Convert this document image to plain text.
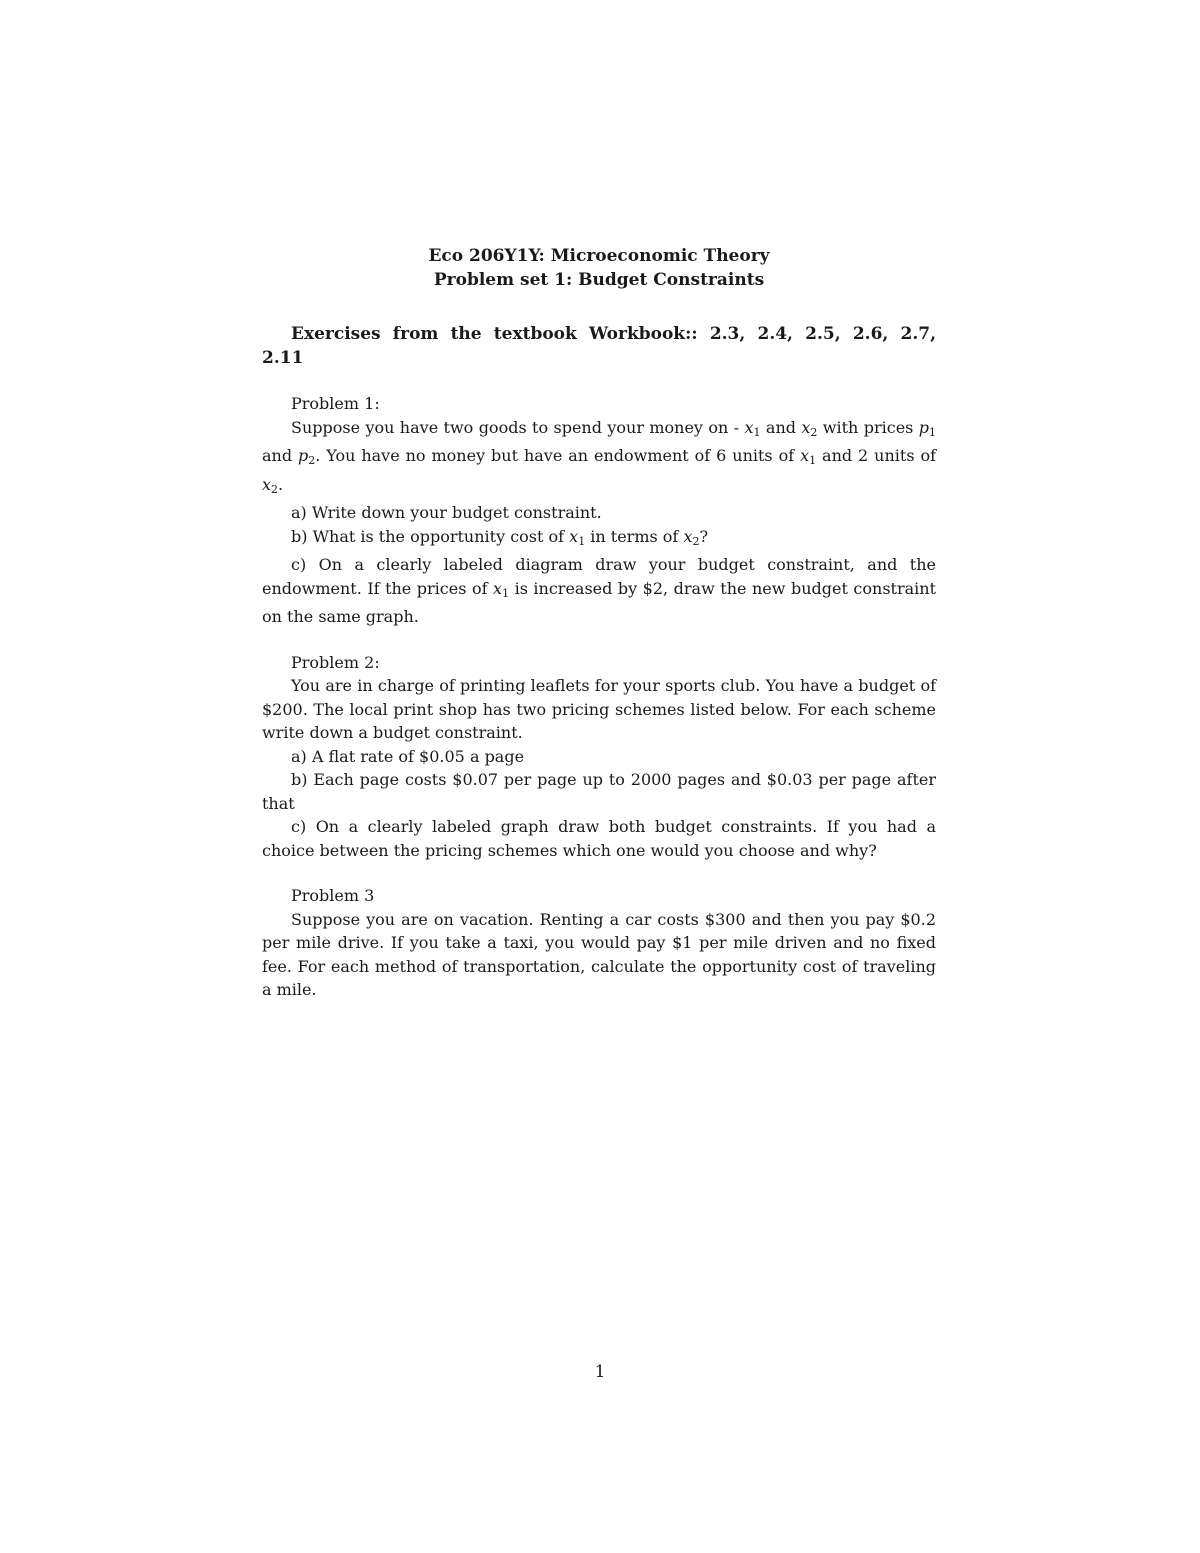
Eco 206Y1Y: Microeconomic Theory
Problem set 1: Budget Constraints
Exercises from the textbook Workbook:: 2.3, 2.4, 2.5, 2.6, 2.7, 2.11
Problem 1:
Suppose you have two goods to spend your money on - $x_1$ and $x_2$ with prices $p_1$ and $p_2$. You have no money but have an endowment of 6 units of $x_1$ and 2 units of $x_2$.
a) Write down your budget constraint.
b) What is the opportunity cost of $x_1$ in terms of $x_2$?
c) On a clearly labeled diagram draw your budget constraint, and the endowment. If the prices of $x_1$ is increased by $2, draw the new budget constraint on the same graph.
Problem 2:
You are in charge of printing leaflets for your sports club. You have a budget of $200. The local print shop has two pricing schemes listed below. For each scheme write down a budget constraint.
a) A flat rate of $0.05 a page
b) Each page costs $0.07 per page up to 2000 pages and $0.03 per page after that
c) On a clearly labeled graph draw both budget constraints. If you had a choice between the pricing schemes which one would you choose and why?
Problem 3
Suppose you are on vacation. Renting a car costs $300 and then you pay $0.2 per mile drive. If you take a taxi, you would pay $1 per mile driven and no fixed fee. For each method of transportation, calculate the opportunity cost of traveling a mile.
1
